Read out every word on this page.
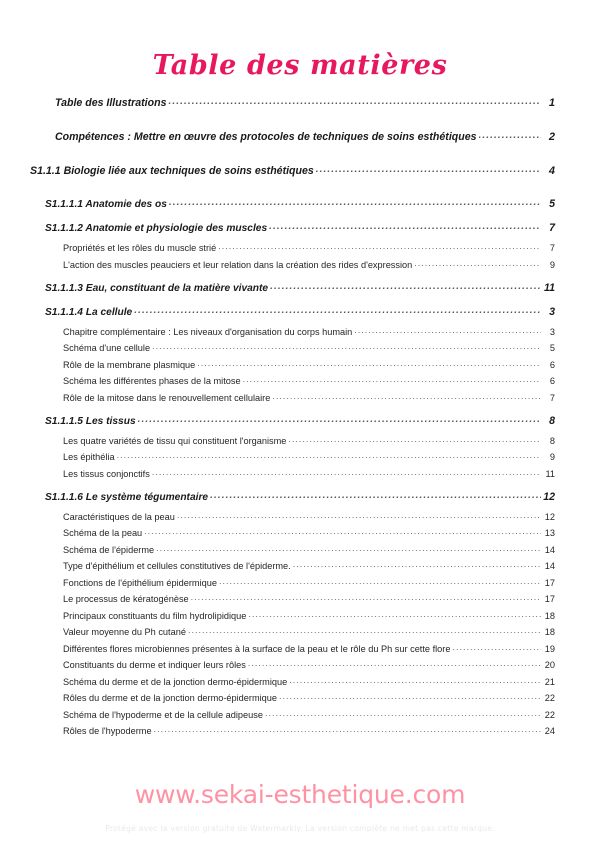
Table des matières
Table des Illustrations .....	1
Compétences : Mettre en œuvre des protocoles de techniques de soins esthétiques .....	2
S1.1.1 Biologie liée aux techniques de soins esthétiques .....	4
S1.1.1.1 Anatomie des os .....	5
S1.1.1.2 Anatomie et physiologie des muscles .....	7
Propriétés et les rôles du muscle strié .....	7
L'action des muscles peauciers et leur relation dans la création des rides d'expression .....	9
S1.1.1.3 Eau, constituant de la matière vivante .....	11
S1.1.1.4 La cellule .....	3
Chapitre complémentaire : Les niveaux d'organisation du corps humain .....	3
Schéma d'une cellule .....	5
Rôle de la membrane plasmique .....	6
Schéma les différentes phases de la mitose .....	6
Rôle de la mitose dans le renouvellement cellulaire .....	7
S1.1.1.5 Les tissus .....	8
Les quatre variétés de tissu qui constituent l'organisme .....	8
Les épithélia .....	9
Les tissus conjonctifs .....	11
S1.1.1.6 Le système tégumentaire .....	12
Caractéristiques de la peau .....	12
Schéma de la peau .....	13
Schéma de l'épiderme .....	14
Type d'épithélium et cellules constitutives de l'épiderme. .....	14
Fonctions de l'épithélium épidermique .....	17
Le processus de kératogénèse .....	17
Principaux constituants du film hydrolipidique .....	18
Valeur moyenne du Ph cutané .....	18
Différentes flores microbiennes présentes à la surface de la peau et le rôle du Ph sur cette flore .....	19
Constituants du derme et indiquer leurs rôles .....	20
Schéma du derme et de la jonction dermo-épidermique .....	21
Rôles du derme et de la jonction dermo-épidermique .....	22
Schéma de l'hypoderme et de la cellule adipeuse .....	22
Rôles de l'hypoderme .....	24
www.sekai-esthetique.com
Protégé avec la version gratuite de Watermarkly. La version complète ne met pas cette marque.
